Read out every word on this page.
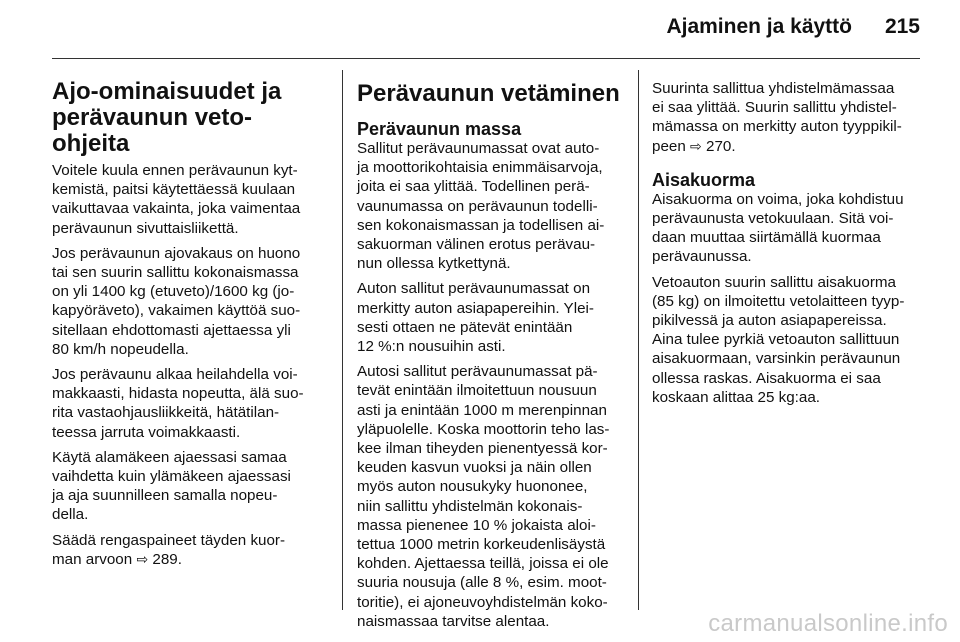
Ajaminen ja käyttö 215
Ajo-ominaisuudet ja
perävaunun veto-ohjeita

Voitele kuula ennen perävaunun kyt-
kemistä, paitsi käytettäessä kuulaan
vaikuttavaa vakainta, joka vaimentaa
perävaunun sivuttaisliikettä.

Jos perävaunun ajovakaus on huono
tai sen suurin sallittu kokonaismassa
on yli 1400 kg (etuveto)/1600 kg (jo-
kapyöräveto), vakaimen käyttöä suo-
sitellaan ehdottomasti ajettaessa yli
80 km/h nopeudella.

Jos perävaunu alkaa heilahdella voi-
makkaasti, hidasta nopeutta, älä suo-
rita vastaohjausliikkeitä, hätätilan-
teessa jarruta voimakkaasti.

Käytä alamäkeen ajaessasi samaa
vaihdetta kuin ylämäkeen ajaessasi
ja aja suunnilleen samalla nopeu-
della.

Säädä rengaspaineet täyden kuor-
man arvoon ⇨ 289.

Perävaunun vetäminen
Perävaunun massa

Sallitut perävaunumassat ovat auto-
ja moottorikohtaisia enimmäisarvoja,
joita ei saa ylittää. Todellinen perä-
vaunumassa on perävaunun todelli-
sen kokonaismassan ja todellisen ai-
sakuorman välinen erotus perävau-
nun ollessa kytkettynä.

Auton sallitut perävaunumassat on
merkitty auton asiapapereihin. Ylei-
sesti ottaen ne pätevät enintään
12 %:n nousuihin asti.

Autosi sallitut perävaunumassat pä-
tevät enintään ilmoitettuun nousuun
asti ja enintään 1000 m merenpinnan
yläpuolelle. Koska moottorin teho las-
kee ilman tiheyden pienentyessä kor-
keuden kasvun vuoksi ja näin ollen
myös auton nousukyky huononee,
niin sallittu yhdistelmän kokonais-
massa pienenee 10 % jokaista aloi-
tettua 1000 metrin korkeudenlisäystä
kohden. Ajettaessa teillä, joissa ei ole
suuria nousuja (alle 8 %, esim. moot-
toritie), ei ajoneuvoyhdistelmän koko-
naismassaa tarvitse alentaa.

Suurinta sallittua yhdistelmämassaa
ei saa ylittää. Suurin sallittu yhdistel-
mämassa on merkitty auton tyyppikil-
peen ⇨ 270.

Aisakuorma

Aisakuorma on voima, joka kohdistuu
perävaunusta vetokuulaan. Sitä voi-
daan muuttaa siirtämällä kuormaa
perävaunussa.

Vetoauton suurin sallittu aisakuorma
(85 kg) on ilmoitettu vetolaitteen tyyp-
pikilvessä ja auton asiapapereissa.
Aina tulee pyrkiä vetoauton sallittuun
aisakuormaan, varsinkin perävaunun
ollessa raskas. Aisakuorma ei saa
koskaan alittaa 25 kg:aa.

carmanualsonline.info
